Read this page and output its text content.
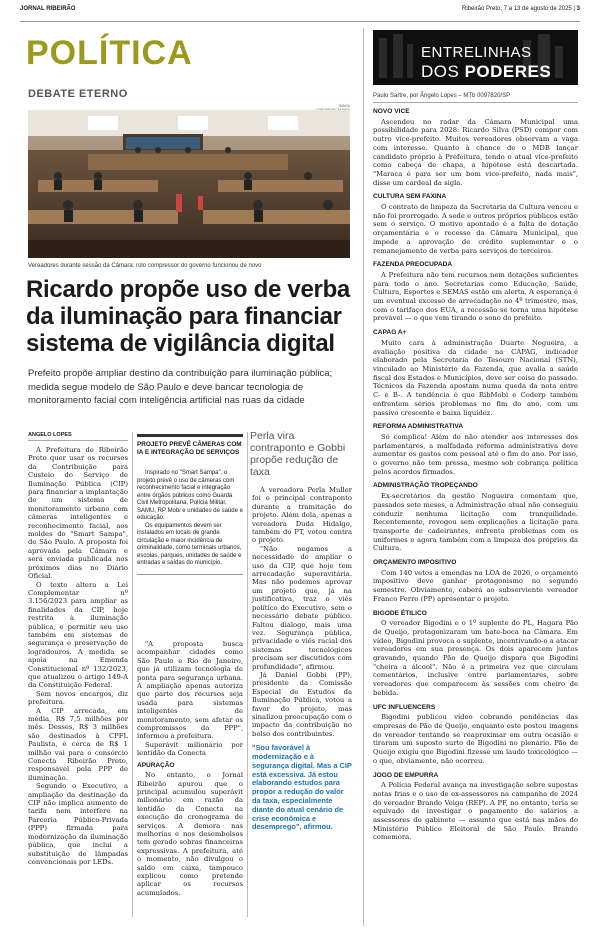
JORNAL RIBEIRÃO	Ribeirão Preto, 7 a 13 de agosto de 2025 | 3
POLÍTICA
DEBATE ETERNO
ÍMAGA
Vereadores durante sessão da Câmara: rolo compressor do governo funcionou de novo
Ricardo propõe uso de verba da iluminação para financiar sistema de vigilância digital
Prefeito propõe ampliar destino da contribuição para iluminação pública; medida segue modelo de São Paulo e deve bancar tecnologia de monitoramento facial com inteligência artificial nas ruas da cidade
ANGELO LOPES

A Prefeitura de Ribeirão Preto quer usar os recursos da Contribuição para Custeio do Serviço de Iluminação Pública (CIP) para financiar a implantação de um sistema de monitoramento urbano com câmeras inteligentes e reconhecimento facial, aos moldes do "Smart Sampa", de São Paulo. A proposta foi aprovada pela Câmara e será enviada publicada nos próximos dias no Diário Oficial.

O texto altera a Lei Complementar nº 3.156/2023 para ampliar as finalidades da CIP, hoje restrita à iluminação pública, e permitir seu uso também em sistemas de segurança e preservação de logradouros. A medida se apoia na Emenda Constitucional nº 132/2023, que atualizou o artigo 149-A da Constituição Federal.

Sem novos encargos, diz prefeitura.

A CIP arrecada, em média, R$ 7,5 milhões por mês. Desses, R$ 3 milhões são destinados à CPFL Paulista, e cerca de R$ 1 milhão vai para o consórcio Conecta Ribeirão Preto, responsável pela PPP de iluminação.

Segundo o Executivo, a ampliação da destinação da CIP não implica aumento de tarifa nem interfere na Parceria Público-Privada (PPP) firmada para modernização da iluminação pública, que inclui a substituição de lâmpadas convencionais por LEDs.

PROJETO PREVÊ CÂMERAS COM IA E INTEGRAÇÃO DE SERVIÇOS

Inspirado no "Smart Sampa", o projeto prevê o uso de câmeras com reconhecimento facial e integração entre órgãos públicos como Guarda Civil Metropolitana, Polícia Militar, SAMU, RP Mobi e unidades de saúde e educação.

Os equipamentos devem ser instalados em locais de grande circulação e maior incidência de criminalidade, como terminais urbanos, escolas, parques, unidades de saúde e entradas e saídas do município.

"A proposta busca acompanhar cidades como São Paulo e Rio de Janeiro, que já utilizam tecnologia de ponta para segurança urbana. A ampliação apenas autoriza que parte dos recursos seja usada para sistemas inteligentes de monitoramento, sem afetar os compromissos da PPP", informou a prefeitura.

Superávit milionário por lentidão da Conecta

APURAÇÃO

No entanto, o Jornal Ribeirão apurou que o principal acumulou superávit milionário em razão da lentidão da Conecta na execução do cronograma de serviços. A demora nas melhorias e nos desembolsos tem gerado sobras financeiras expressivas. A prefeitura, até o momento, não divulgou o saldo em caixa, tampouco explicou como pretende aplicar os recursos acumulados.

Perla vira contraponto e Gobbi propõe redução de taxa

A vereadora Perla Muller foi o principal contraponto durante a tramitação do projeto. Além dela, apenas a vereadora Duda Hidalgo, também do PT, votou contra o projeto.

"Não negamos a necessidade de ampliar o uso da CIP, que hoje tem arrecadação superavitária. Mas não podemos aprovar um projeto que, já na justificativa, traz o viés político do Executivo, sem o necessário debate público. Faltou diálogo, mais uma vez. Segurança pública, privacidade e viés racial dos sistemas tecnológicos precisam ser discutidos com profundidade", afirmou.

Já Daniel Gobbi (PP), presidente da Comissão Especial de Estudos da Iluminação Pública, votou a favor do projeto, mas sinalizou preocupação com o impacto da contribuição no bolso dos contribuintes.

"Sou favorável à modernização e à segurança digital. Mas a CIP está excessiva. Já estou elaborando estudos para propor a redução do valor da taxa, especialmente diante do atual cenário de crise econômica e desemprego", afirmou.
ENTRELINHAS
DOS PODERES
Paulo Sartre, por Ângelo Lopes – MTb 0097820/SP
NOVO VICE

Ascendeu no radar da Câmara Municipal uma possibilidade para 2028: Ricardo Silva (PSD) compor com outro vice-prefeito. Muitos vereadores observam a vaga com interesse. Quanto à chance de o MDB lançar candidato próprio à Prefeitura, tendo o atual vice-prefeito como cabeça de chapa, a hipótese está descartada. "Maraca é para ser um bom vice-prefeito, nada mais", disse um cardeal da sigla.

CULTURA SEM FAXINA

O contrato de limpeza da Secretaria da Cultura venceu e não foi prorrogado. A sede e outros próprios públicos estão sem o serviço. O motivo apontado é a falta de dotação orçamentária e o recesso da Câmara Municipal, que impede a aprovação de crédito suplementar e o remanejamento de verba para serviços de terceiros.

FAZENDA PREOCUPADA

A Prefeitura não tem recursos nem dotações suficientes para todo o ano. Secretarias como Educação, Saúde, Cultura, Esportes e SEMAS estão em alerta. A esperança é um eventual excesso de arrecadação no 4º trimestre, mas, com o tarifaço dos EUA, a recessão se torna uma hipótese provável — o que vem tirando o sono do prefeito.

CAPAG A+

Muito cara à administração Duarte Nogueira, a avaliação positiva da cidade na CAPAG, indicador elaborado pela Secretaria do Tesouro Nacional (STN), vinculado ao Ministério da Fazenda, que avalia a saúde fiscal dos Estados e Municípios, deve ser coisa do passado. Técnicos da Fazenda apostam numa queda da nota entre C- e B-. A tendência é que RibMobi e Coderp também enfrentem sérios problemas no fim do ano, com um passivo crescente e baixa liquidez.

REFORMA ADMINISTRATIVA

Só complica! Além de não atender aos interesses dos parlamentares, a malfadada reforma administrativa deve aumentar os gastos com pessoal até o fim do ano. Por isso, o governo não tem pressa, mesmo sob cobrança política pelos acordos firmados.

ADMINISTRAÇÃO TROPEÇANDO

Ex-secretários da gestão Nogueira comentam que, passados sete meses, a Administração atual não conseguiu conduzir nenhuma licitação com tranquilidade. Recentemente, revogou sem explicações a licitação para transporte de cadeirantes, enfrenta problemas com os uniformes e agora também com a limpeza dos próprios da Cultura.

ORÇAMENTO IMPOSITIVO

Com 140 vetos a emendas na LOA de 2026, o orçamento impositivo deve ganhar protagonismo no segundo semestre. Obviamente, caberá ao subserviente vereador Franco Ferro (PP) apresentar o projeto.

BIGODE ÉTILICO

O vereador Bigodini e o 1º suplente do PL, Hagara Pão de Queijo, protagonizaram um bate-boca na Câmara. Em vídeo, Bigodini provoca o suplente, incentivando-o a atacar vereadores em sua presença. Os dois aparecem juntos gravando, quando Pão de Queijo dispara que Bigodini "cheira a álcool". Não é a primeira vez que circulam comentários, inclusive entre parlamentares, sobre vereadores que comparecem às sessões com cheiro de bebida.

UFC INFLUENCERS

Bigodini publicou vídeo cobrando pendências das empresas de Pão de Queijo, enquanto este postou imagens do vereador tentando se reaproximar em outra ocasião e tiraram um suposto surto de Bigodini no plenário. Pão de Queijo exigiu que Bigodini fizesse um laudo toxicológico — o que, obviamente, não ocorreu.

JOGO DE EMPURRA

A Polícia Federal avança na investigação sobre supostas notas frias e o uso de ex-assessores na campanha de 2024 do vereador Brando Veiga (REP). A PF, no entanto, teria se equivado de investigar o pagamento de salários a assessores do gabinete — assunto que está nas mãos do Ministério Público Eleitoral de São Paulo. Brando comemora.
